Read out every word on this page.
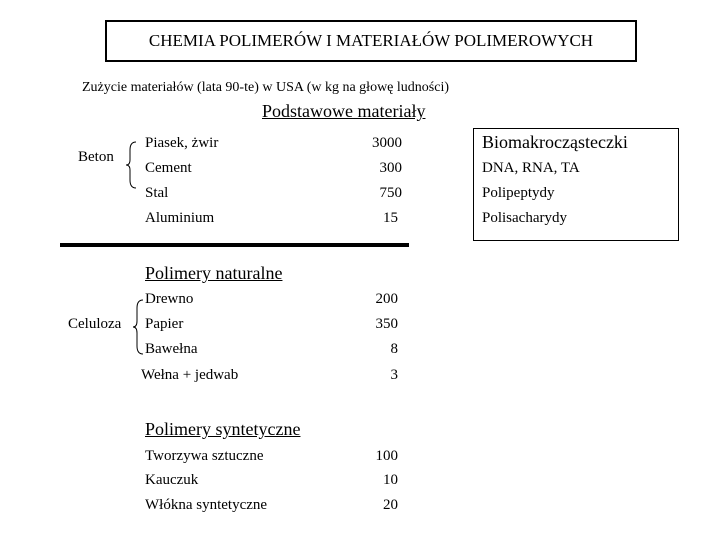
CHEMIA POLIMERÓW I MATERIAŁÓW POLIMEROWYCH
Zużycie materiałów (lata 90-te) w USA (w kg na głowę ludności)
Podstawowe materiały
Beton
Piasek, żwir	3000
Cement	300
Stal	750
Aluminium	15
Biomakrocząsteczki
DNA, RNA, TA
Polipeptydy
Polisacharydy
Polimery naturalne
Celuloza
Drewno	200
Papier	350
Bawełna	8
Wełna + jedwab	3
Polimery syntetyczne
Tworzywa sztuczne	100
Kauczuk	10
Włókna syntetyczne	20
